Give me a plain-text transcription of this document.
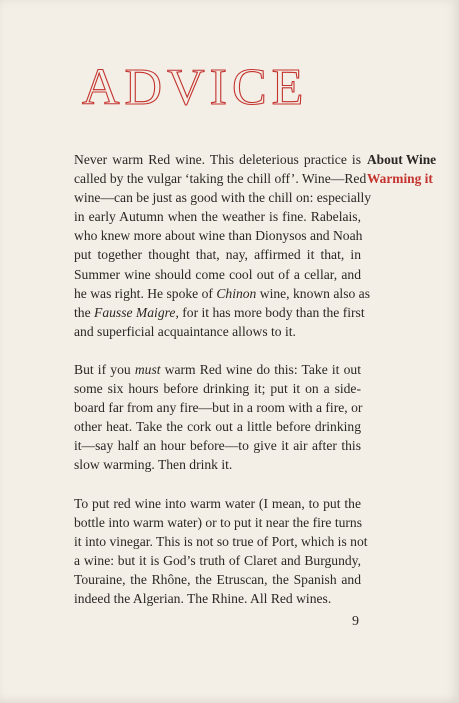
ADVICE
Never warm Red wine. This deleterious practice is
called by the vulgar ‘taking the chill off’. Wine—Red
wine—can be just as good with the chill on: especially
in early Autumn when the weather is fine. Rabelais,
who knew more about wine than Dionysos and Noah
put together thought that, nay, affirmed it that, in
Summer wine should come cool out of a cellar, and
he was right. He spoke of Chinon wine, known also as
the Fausse Maigre, for it has more body than the first
and superficial acquaintance allows to it.
But if you must warm Red wine do this: Take it out
some six hours before drinking it; put it on a side-
board far from any fire—but in a room with a fire, or
other heat. Take the cork out a little before drinking
it—say half an hour before—to give it air after this
slow warming. Then drink it.
To put red wine into warm water (I mean, to put the
bottle into warm water) or to put it near the fire turns
it into vinegar. This is not so true of Port, which is not
a wine: but it is God’s truth of Claret and Burgundy,
Touraine, the Rhône, the Etruscan, the Spanish and
indeed the Algerian. The Rhine. All Red wines.
About Wine
Warming it
9
